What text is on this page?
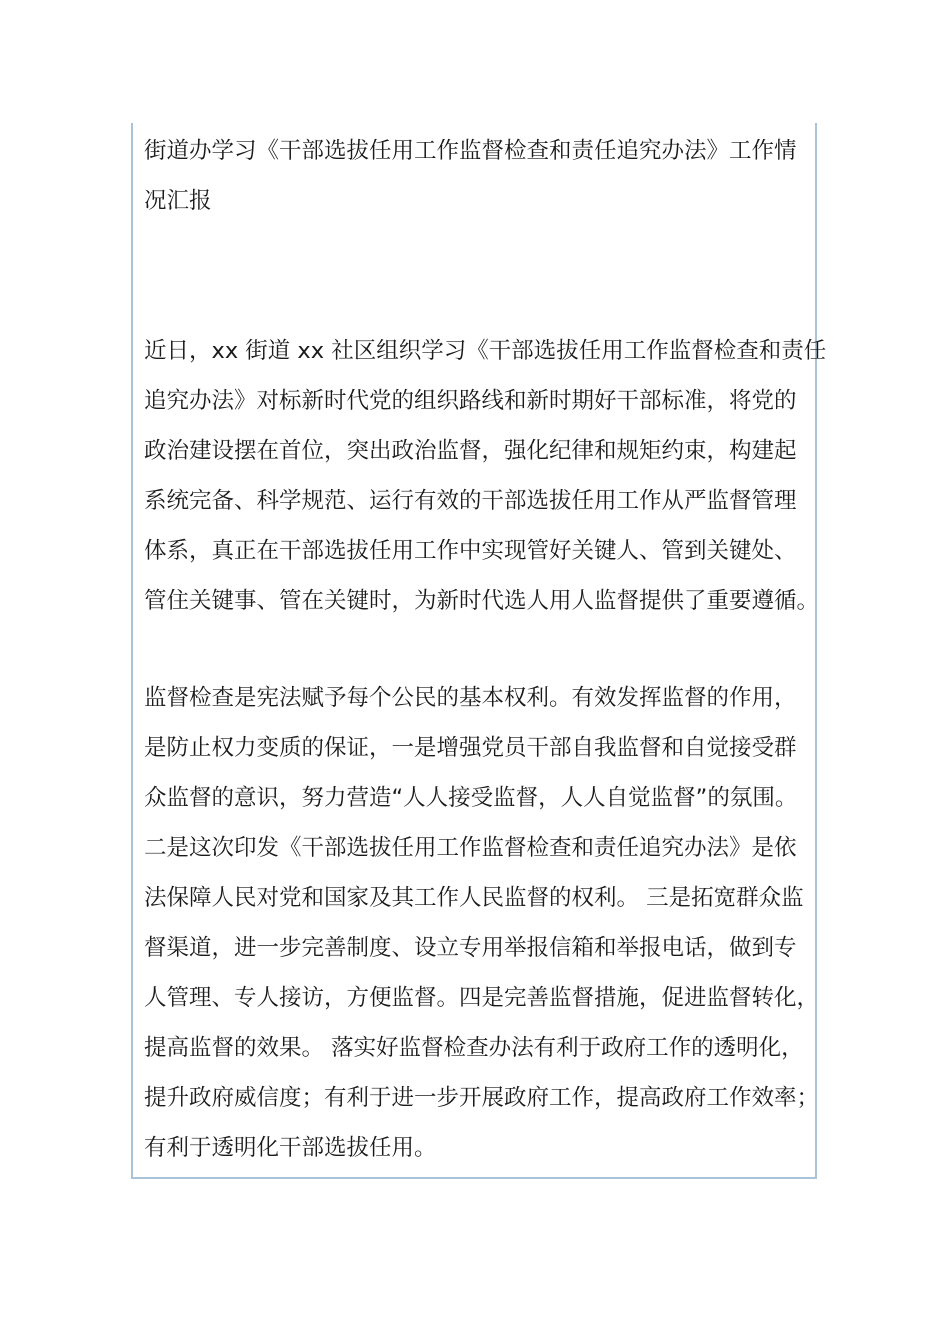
街道办学习《干部选拔任用工作监督检查和责任追究办法》工作情
况汇报
近日，xx 街道 xx 社区组织学习《干部选拔任用工作监督检查和责任
追究办法》对标新时代党的组织路线和新时期好干部标准，将党的
政治建设摆在首位，突出政治监督，强化纪律和规矩约束，构建起
系统完备、科学规范、运行有效的干部选拔任用工作从严监督管理
体系，真正在干部选拔任用工作中实现管好关键人、管到关键处、
管住关键事、管在关键时，为新时代选人用人监督提供了重要遵循。
监督检查是宪法赋予每个公民的基本权利。有效发挥监督的作用，
是防止权力变质的保证，一是增强党员干部自我监督和自觉接受群
众监督的意识，努力营造“人人接受监督，人人自觉监督”的氛围。
二是这次印发《干部选拔任用工作监督检查和责任追究办法》是依
法保障人民对党和国家及其工作人民监督的权利。 三是拓宽群众监
督渠道，进一步完善制度、设立专用举报信箱和举报电话，做到专
人管理、专人接访，方便监督。四是完善监督措施，促进监督转化，
提高监督的效果。 落实好监督检查办法有利于政府工作的透明化，
提升政府威信度；有利于进一步开展政府工作，提高政府工作效率；
有利于透明化干部选拔任用。
